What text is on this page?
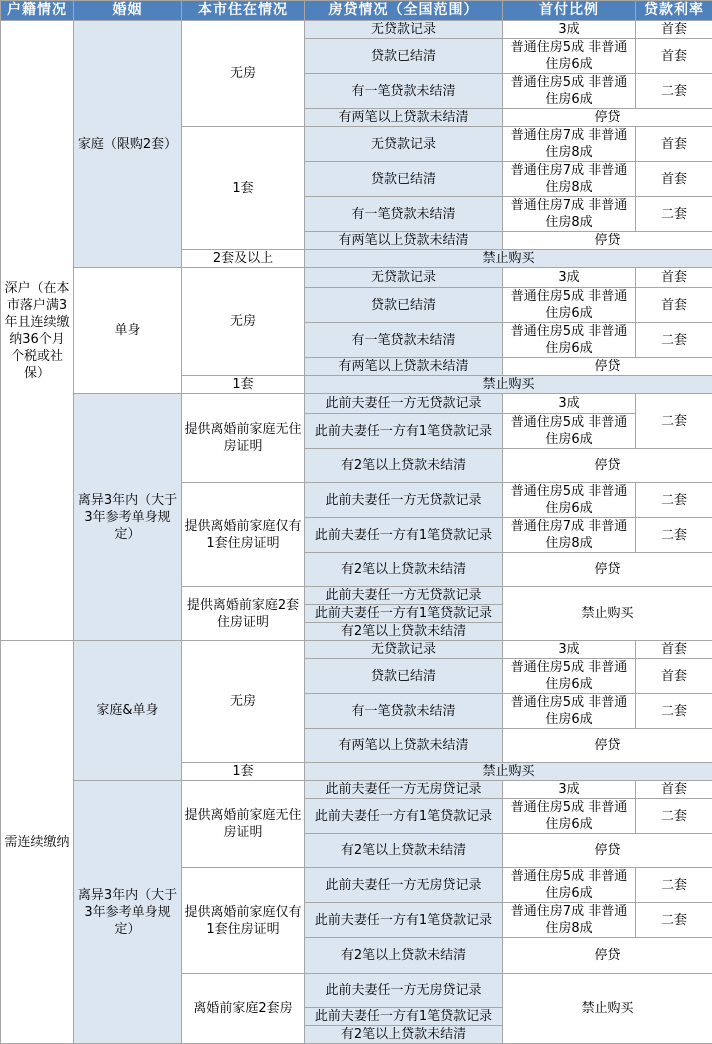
户籍情况	婚姻	本市住在情况	房贷情况（全国范围）	首付比例	贷款利率

深户（在本市落户满3年且连续缴纳36个月个税或社保）	家庭（限购2套）	无房	无贷款记录	3成	首套

			贷款已结清	普通住房5成 非普通住房6成	首套

			有一笔贷款未结清	普通住房5成 非普通住房6成	二套

			有两笔以上贷款未结清	停贷	

		1套	无贷款记录	普通住房7成 非普通住房8成	首套

			贷款已结清	普通住房7成 非普通住房8成	首套

			有一笔贷款未结清	普通住房7成 非普通住房8成	二套

			有两笔以上贷款未结清	停贷	

		2套及以上	禁止购买		

	单身	无房	无贷款记录	3成	首套

			贷款已结清	普通住房5成 非普通住房6成	首套

			有一笔贷款未结清	普通住房5成 非普通住房6成	二套

			有两笔以上贷款未结清	停贷	

		1套	禁止购买		

	离异3年内（大于3年参考单身规定）	提供离婚前家庭无住房证明	此前夫妻任一方无贷款记录	3成	二套

			此前夫妻任一方有1笔贷款记录	普通住房5成 非普通住房6成	

			有2笔以上贷款未结清	停贷	

		提供离婚前家庭仅有1套住房证明	此前夫妻任一方无贷款记录	普通住房5成 非普通住房6成	二套

			此前夫妻任一方有1笔贷款记录	普通住房7成 非普通住房8成	二套

			有2笔以上贷款未结清	停贷	

		提供离婚前家庭2套住房证明	此前夫妻任一方无贷款记录	禁止购买	

			此前夫妻任一方有1笔贷款记录		

			有2笔以上贷款未结清		

需连续缴纳	家庭&单身	无房	无贷款记录	3成	首套

			贷款已结清	普通住房5成 非普通住房6成	首套

			有一笔贷款未结清	普通住房5成 非普通住房6成	二套

			有两笔以上贷款未结清	停贷	

		1套	禁止购买		

	离异3年内（大于3年参考单身规定）	提供离婚前家庭无住房证明	此前夫妻任一方无房贷记录	3成	首套

			此前夫妻任一方有1笔贷款记录	普通住房5成 非普通住房6成	二套

			有2笔以上贷款未结清	停贷	

		提供离婚前家庭仅有1套住房证明	此前夫妻任一方无房贷记录	普通住房5成 非普通住房6成	二套

			此前夫妻任一方有1笔贷款记录	普通住房7成 非普通住房8成	二套

			有2笔以上贷款未结清	停贷	

		离婚前家庭2套房	此前夫妻任一方无房贷记录	禁止购买	

			此前夫妻任一方有1笔贷款记录		

			有2笔以上贷款未结清		
